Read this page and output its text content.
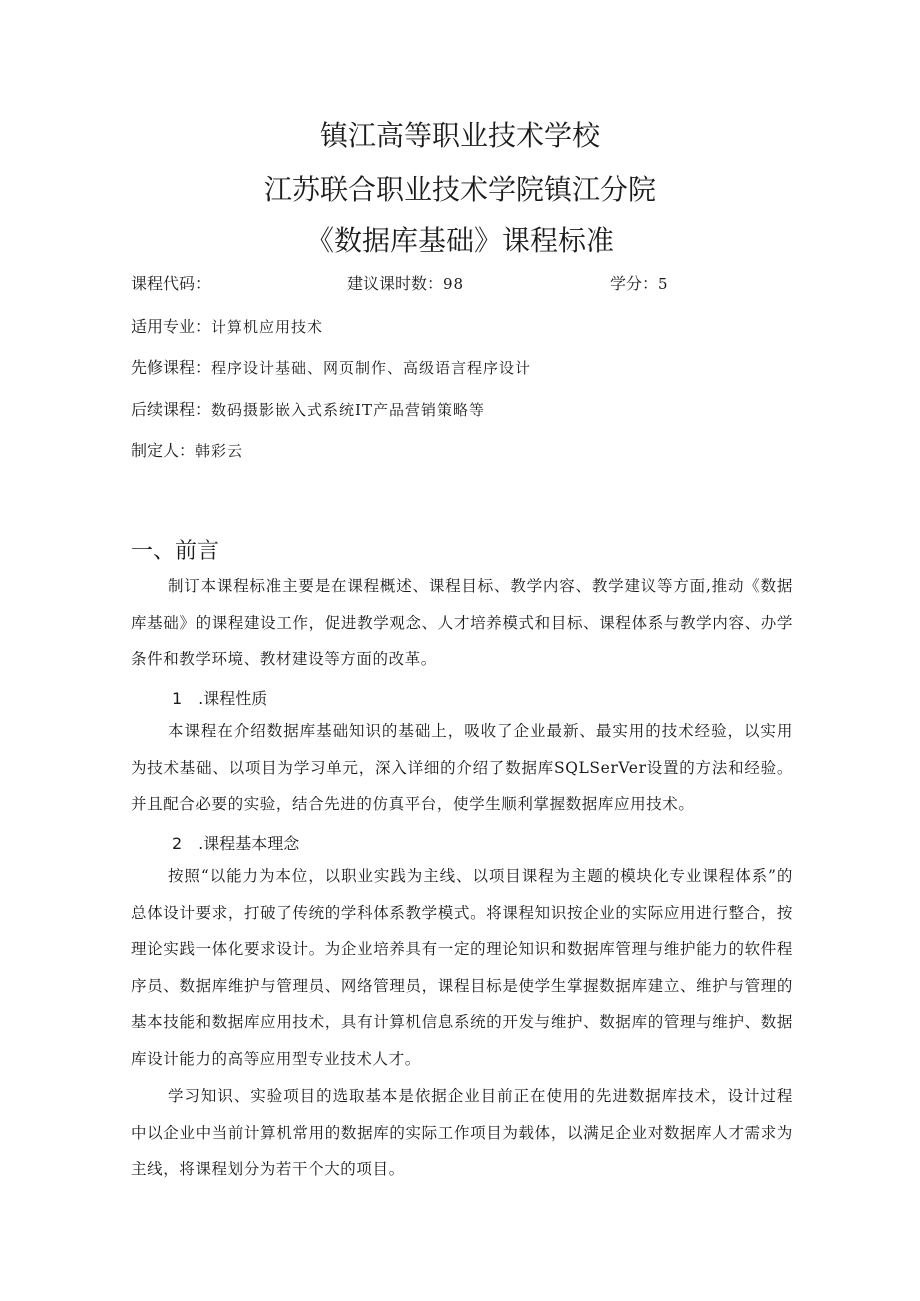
镇江高等职业技术学校
江苏联合职业技术学院镇江分院
《数据库基础》课程标准
课程代码：	建议课时数：98	学分：5
适用专业：计算机应用技术
先修课程：程序设计基础、网页制作、高级语言程序设计
后续课程：数码摄影嵌入式系统IT产品营销策略等
制定人：韩彩云
一、前言
制订本课程标准主要是在课程概述、课程目标、教学内容、教学建议等方面,推动《数据库基础》的课程建设工作，促进教学观念、人才培养模式和目标、课程体系与教学内容、办学条件和教学环境、教材建设等方面的改革。
1　.课程性质
本课程在介绍数据库基础知识的基础上，吸收了企业最新、最实用的技术经验，以实用为技术基础、以项目为学习单元，深入详细的介绍了数据库SQLSerVer设置的方法和经验。并且配合必要的实验，结合先进的仿真平台，使学生顺利掌握数据库应用技术。
2　.课程基本理念
按照“以能力为本位，以职业实践为主线、以项目课程为主题的模块化专业课程体系”的总体设计要求，打破了传统的学科体系教学模式。将课程知识按企业的实际应用进行整合，按理论实践一体化要求设计。为企业培养具有一定的理论知识和数据库管理与维护能力的软件程序员、数据库维护与管理员、网络管理员，课程目标是使学生掌握数据库建立、维护与管理的基本技能和数据库应用技术，具有计算机信息系统的开发与维护、数据库的管理与维护、数据库设计能力的高等应用型专业技术人才。
学习知识、实验项目的选取基本是依据企业目前正在使用的先进数据库技术，设计过程中以企业中当前计算机常用的数据库的实际工作项目为载体，以满足企业对数据库人才需求为主线，将课程划分为若干个大的项目。
